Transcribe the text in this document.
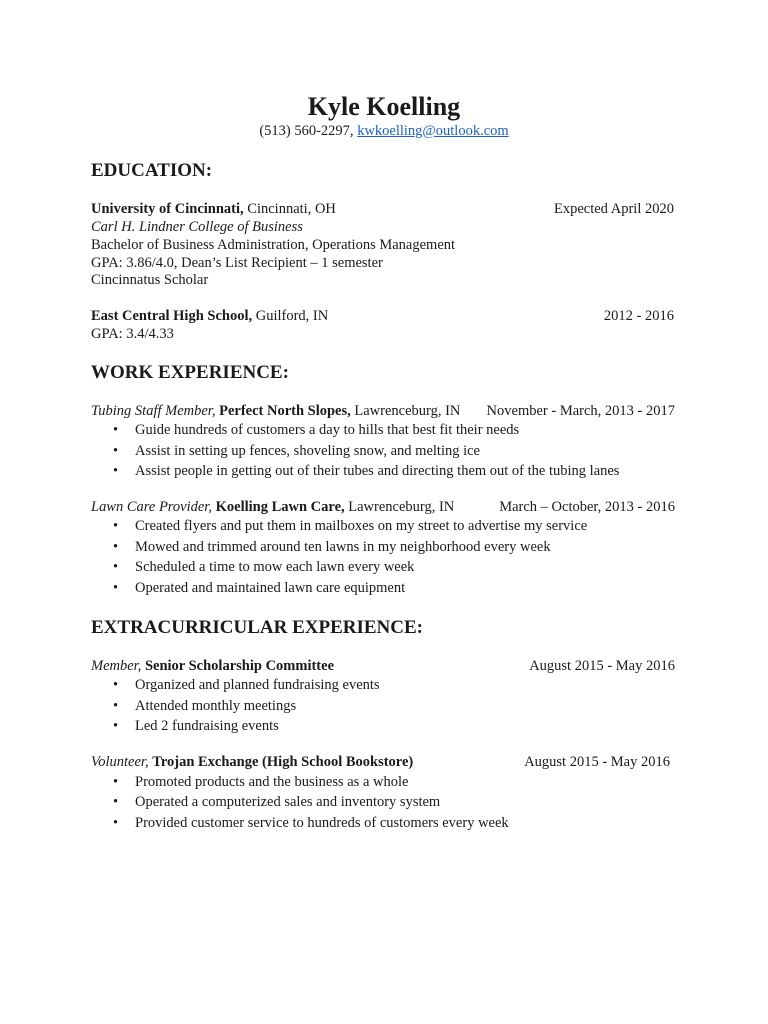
Kyle Koelling
(513) 560-2297, kwkoelling@outlook.com
EDUCATION:
University of Cincinnati, Cincinnati, OH	Expected April 2020
Carl H. Lindner College of Business
Bachelor of Business Administration, Operations Management
GPA: 3.86/4.0, Dean’s List Recipient – 1 semester
Cincinnatus Scholar
East Central High School, Guilford, IN	2012 - 2016
GPA: 3.4/4.33
WORK EXPERIENCE:
Tubing Staff Member, Perfect North Slopes, Lawrenceburg, IN November - March, 2013 - 2017
• Guide hundreds of customers a day to hills that best fit their needs
• Assist in setting up fences, shoveling snow, and melting ice
• Assist people in getting out of their tubes and directing them out of the tubing lanes
Lawn Care Provider, Koelling Lawn Care, Lawrenceburg, IN	March – October, 2013 - 2016
• Created flyers and put them in mailboxes on my street to advertise my service
• Mowed and trimmed around ten lawns in my neighborhood every week
• Scheduled a time to mow each lawn every week
• Operated and maintained lawn care equipment
EXTRACURRICULAR EXPERIENCE:
Member, Senior Scholarship Committee	August 2015 - May 2016
• Organized and planned fundraising events
• Attended monthly meetings
• Led 2 fundraising events
Volunteer, Trojan Exchange (High School Bookstore)	August 2015 - May 2016
• Promoted products and the business as a whole
• Operated a computerized sales and inventory system
• Provided customer service to hundreds of customers every week
